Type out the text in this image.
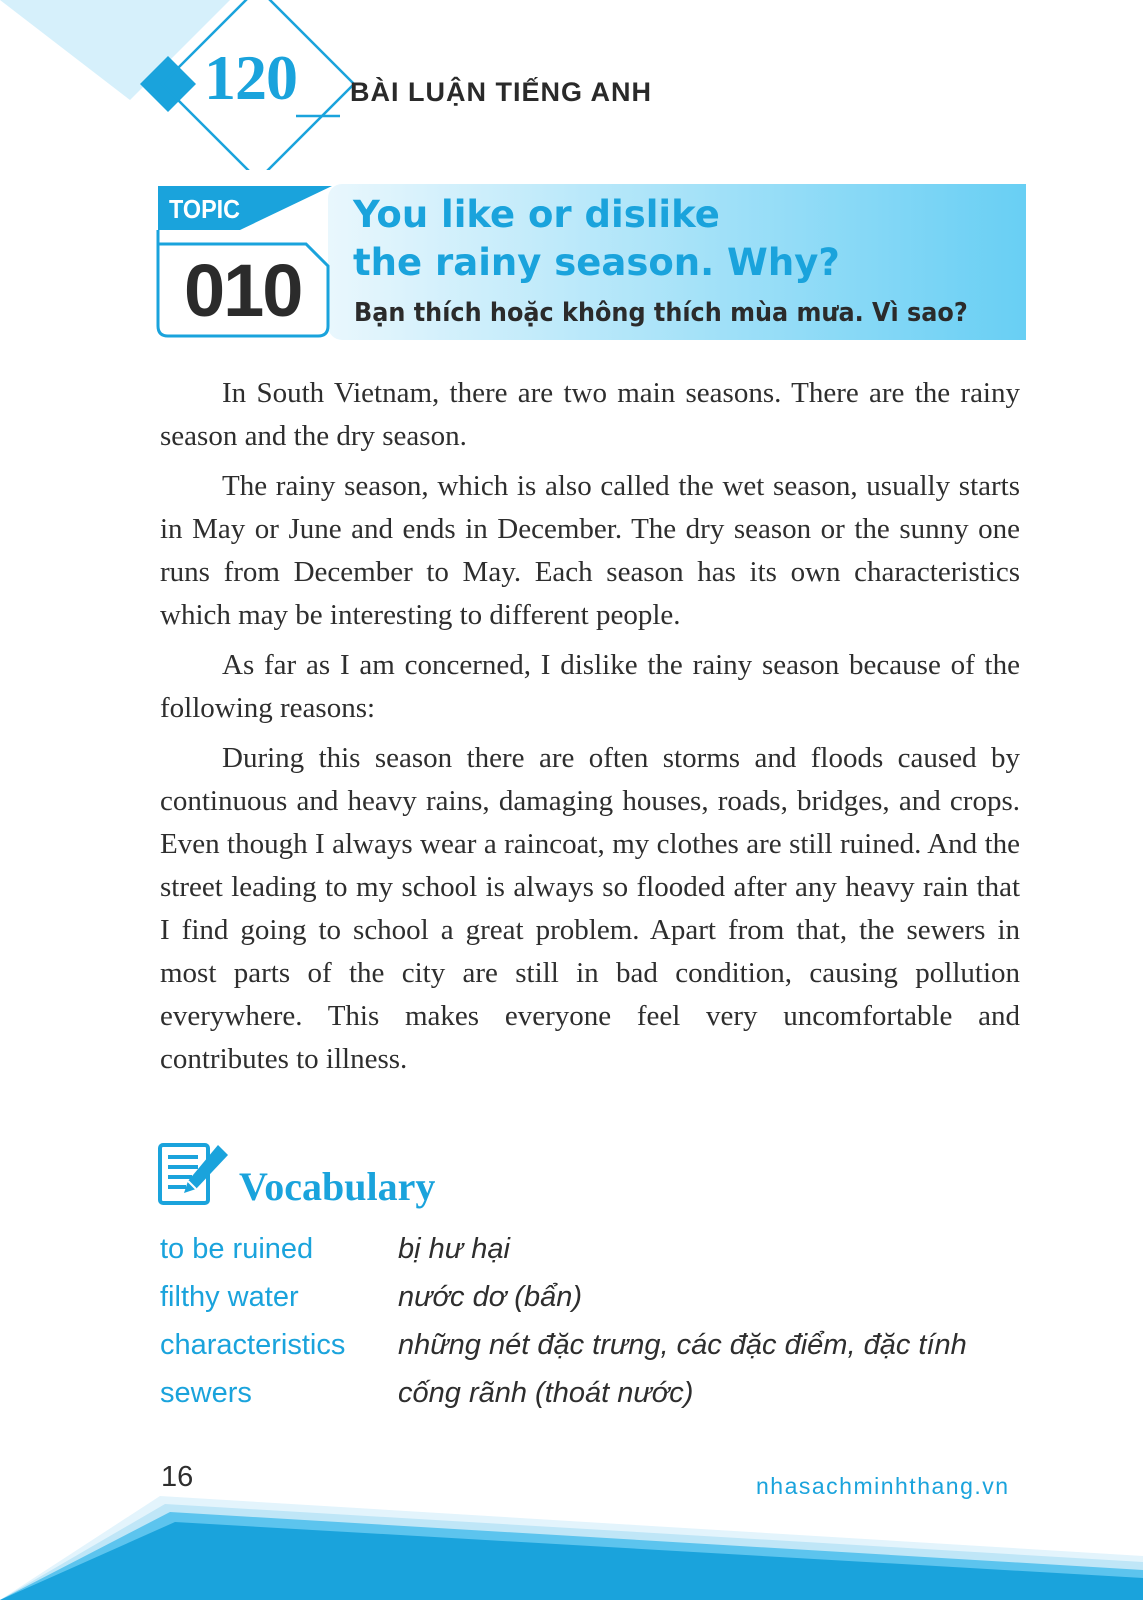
120 BÀI LUẬN TIẾNG ANH
TOPIC
010
You like or dislike
the rainy season. Why?
Bạn thích hoặc không thích mùa mưa. Vì sao?

In South Vietnam, there are two main seasons. There are the rainy season and the dry season.

The rainy season, which is also called the wet season, usually starts in May or June and ends in December. The dry season or the sunny one runs from December to May. Each season has its own characteristics which may be interesting to different people.

As far as I am concerned, I dislike the rainy season because of the following reasons:

During this season there are often storms and floods caused by continuous and heavy rains, damaging houses, roads, bridges, and crops. Even though I always wear a raincoat, my clothes are still ruined. And the street leading to my school is always so flooded after any heavy rain that I find going to school a great problem. Apart from that, the sewers in most parts of the city are still in bad condition, causing pollution everywhere. This makes everyone feel very uncomfortable and contributes to illness.

Vocabulary
to be ruined	bị hư hại
filthy water	nước dơ (bẩn)
characteristics những nét đặc trưng, các đặc điểm, đặc tính
sewers	cống rãnh (thoát nước)
16	nhasachminhthang.vn
